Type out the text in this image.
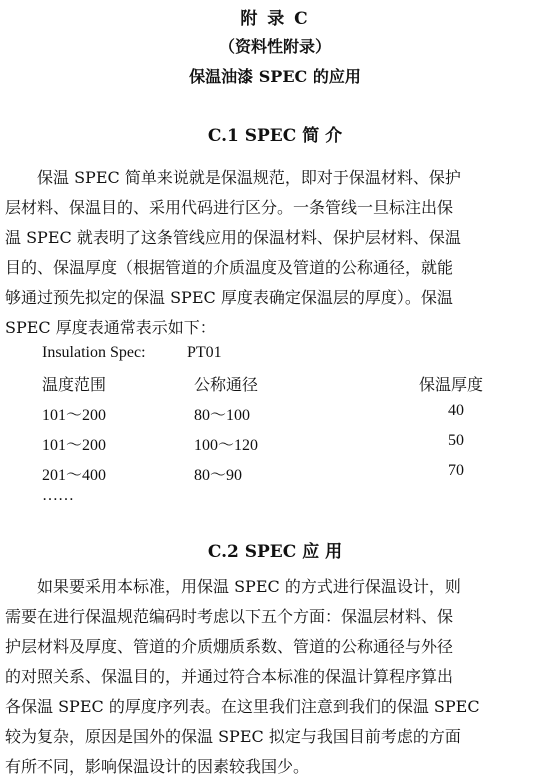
附 录 C
（资料性附录）
保温油漆 SPEC 的应用
C.1 SPEC 简 介
保温 SPEC 简单来说就是保温规范，即对于保温材料、保护
层材料、保温目的、采用代码进行区分。一条管线一旦标注出保
温 SPEC 就表明了这条管线应用的保温材料、保护层材料、保温
目的、保温厚度（根据管道的介质温度及管道的公称通径，就能
够通过预先拟定的保温 SPEC 厚度表确定保温层的厚度）。保温
SPEC 厚度表通常表示如下：
Insulation Spec:	PT01
温度范围	公称通径	保温厚度
101～200	80～100	40
101～200	100～120	50
201～400	80～90	70
……
C.2 SPEC 应 用
如果要采用本标准，用保温 SPEC 的方式进行保温设计，则
需要在进行保温规范编码时考虑以下五个方面：保温层材料、保
护层材料及厚度、管道的介质焩质系数、管道的公称通径与外径
的对照关系、保温目的，并通过符合本标准的保温计算程序算出
各保温 SPEC 的厚度序列表。在这里我们注意到我们的保温 SPEC
较为复杂，原因是国外的保温 SPEC 拟定与我国目前考虑的方面
有所不同，影响保温设计的因素较我国少。
